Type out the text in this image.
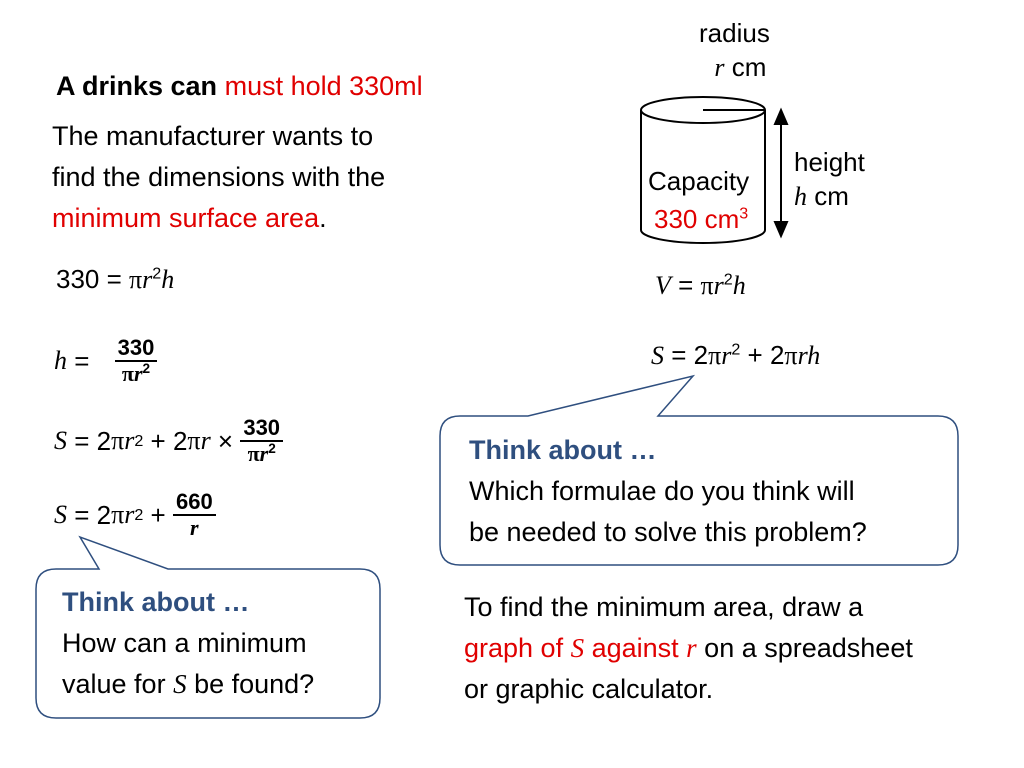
A drinks can must hold 330ml
The manufacturer wants to
find the dimensions with the
minimum surface area.
$330 = \pi r^2h$
$h = \frac{330}{\pi r^2}$
S = 2 π r 2 + 2 π $r \times \frac{330}{\pi r^2}$
S = 2 π r $2 + \frac{660}{r}$
radius
r cm
height
h cm
Capacity
330 $cm^3$
$V = \pi r^2h$
$S = 2\pi r^2 + 2\pi rh$
Think about …
Which formulae do you think will
be needed to solve this problem?
Think about …
How can a minimum
value for S be found?
To find the minimum area, draw a
graph of S against r on a spreadsheet
or graphic calculator.
